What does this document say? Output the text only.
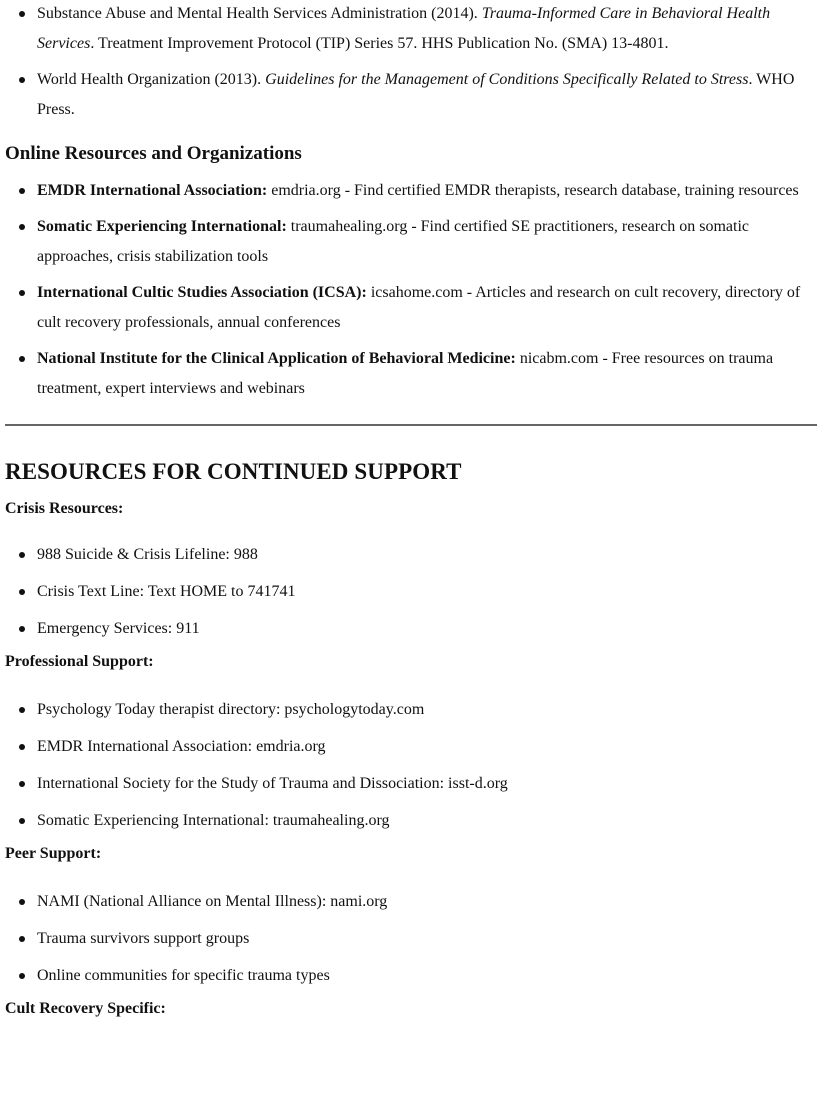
Substance Abuse and Mental Health Services Administration (2014). Trauma-Informed Care in Behavioral Health Services. Treatment Improvement Protocol (TIP) Series 57. HHS Publication No. (SMA) 13-4801.
World Health Organization (2013). Guidelines for the Management of Conditions Specifically Related to Stress. WHO Press.
Online Resources and Organizations
EMDR International Association: emdria.org - Find certified EMDR therapists, research database, training resources
Somatic Experiencing International: traumahealing.org - Find certified SE practitioners, research on somatic approaches, crisis stabilization tools
International Cultic Studies Association (ICSA): icsahome.com - Articles and research on cult recovery, directory of cult recovery professionals, annual conferences
National Institute for the Clinical Application of Behavioral Medicine: nicabm.com - Free resources on trauma treatment, expert interviews and webinars
RESOURCES FOR CONTINUED SUPPORT
Crisis Resources:
988 Suicide & Crisis Lifeline: 988
Crisis Text Line: Text HOME to 741741
Emergency Services: 911
Professional Support:
Psychology Today therapist directory: psychologytoday.com
EMDR International Association: emdria.org
International Society for the Study of Trauma and Dissociation: isst-d.org
Somatic Experiencing International: traumahealing.org
Peer Support:
NAMI (National Alliance on Mental Illness): nami.org
Trauma survivors support groups
Online communities for specific trauma types
Cult Recovery Specific:
